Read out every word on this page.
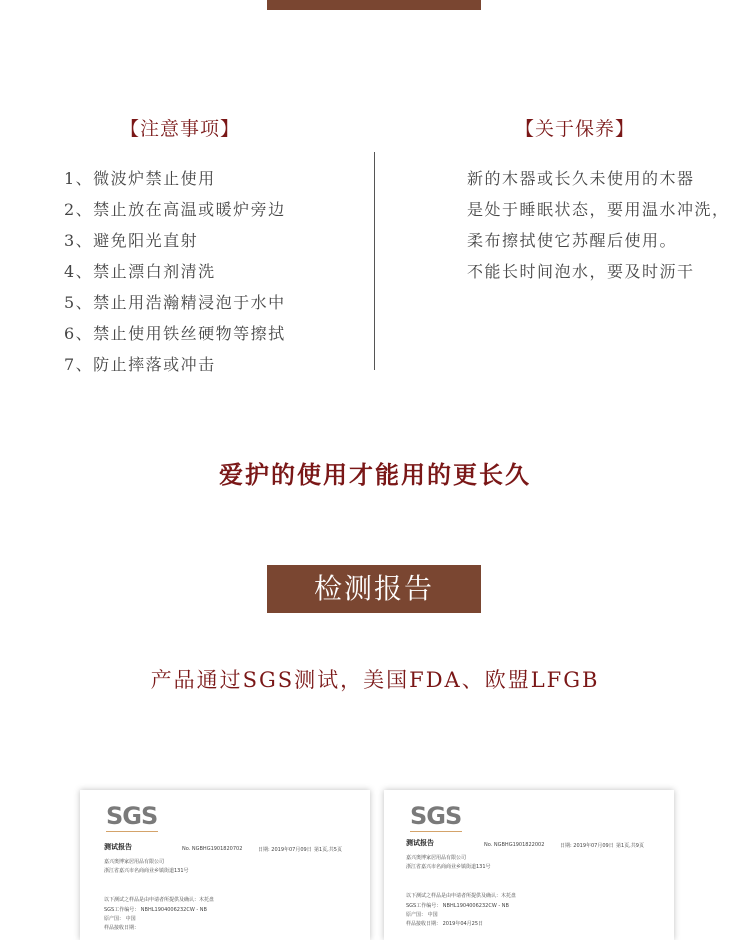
【注意事项】	【关于保养】
1、微波炉禁止使用
2、禁止放在高温或暖炉旁边
3、避免阳光直射
4、禁止漂白剂清洗
5、禁止用浩瀚精浸泡于水中
6、禁止使用铁丝硬物等擦拭
7、防止摔落或冲击
新的木器或长久未使用的木器
是处于睡眠状态，要用温水冲洗，
柔布擦拭使它苏醒后使用。
不能长时间泡水，要及时沥干
爱护的使用才能用的更长久
检测报告
产品通过SGS测试，美国FDA、欧盟LFGB
SGS
测试报告	No. NGBHG1901820702	日期: 2019年07月09日 第1页,共5页
嘉兴奥博家居用品有限公司
浙江省嘉兴市名商商业乡镇街道131号
以下测试之样品是由申请者所提供及确认：木托盘
SGS工作编号： NBHL1904006232CW - NB
原产国： 中国
样品接收日期：
SGS
测试报告	No. NGBHG1901822002	日期: 2019年07月09日 第1页,共9页
嘉兴奥博家居用品有限公司
浙江省嘉兴市名商商业乡镇街道131号
以下测试之样品是由申请者所提供及确认：木托盘
SGS工作编号： NBHL1904006232CW - NB
原产国： 中国
样品接收日期： 2019年04月25日
